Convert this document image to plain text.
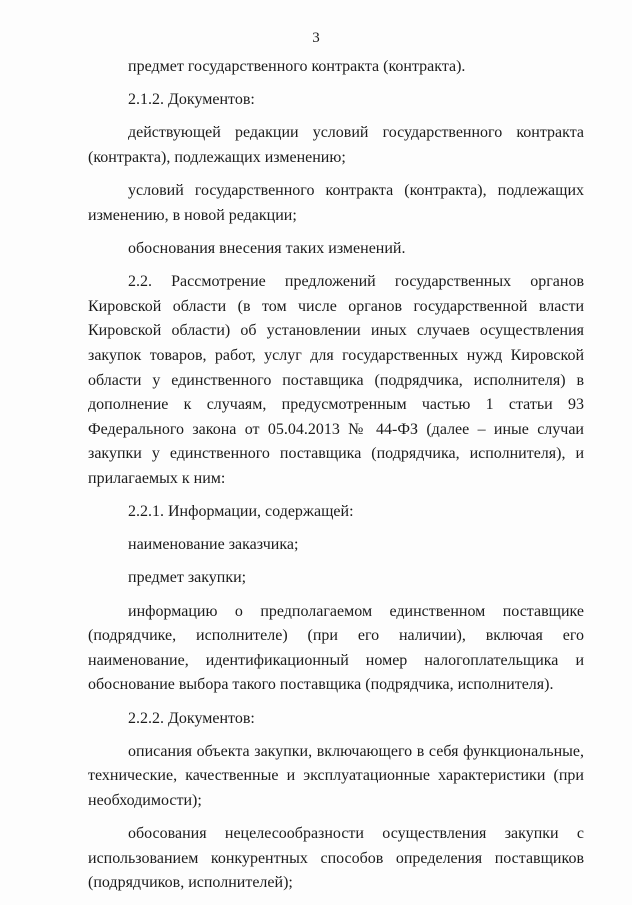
3

предмет государственного контракта (контракта).

2.1.2. Документов:

действующей редакции условий государственного контракта (контракта), подлежащих изменению;

условий государственного контракта (контракта), подлежащих изменению, в новой редакции;

обоснования внесения таких изменений.

2.2. Рассмотрение предложений государственных органов Кировской области (в том числе органов государственной власти Кировской области) об установлении иных случаев осуществления закупок товаров, работ, услуг для государственных нужд Кировской области у единственного поставщика (подрядчика, исполнителя) в дополнение к случаям, предусмотренным частью 1 статьи 93 Федерального закона от 05.04.2013 № 44-ФЗ (далее – иные случаи закупки у единственного поставщика (подрядчика, исполнителя), и прилагаемых к ним:

2.2.1. Информации, содержащей:

наименование заказчика;

предмет закупки;

информацию о предполагаемом единственном поставщике (подрядчике, исполнителе) (при его наличии), включая его наименование, идентификационный номер налогоплательщика и обоснование выбора такого поставщика (подрядчика, исполнителя).

2.2.2. Документов:

описания объекта закупки, включающего в себя функциональные, технические, качественные и эксплуатационные характеристики (при необходимости);

обосования нецелесообразности осуществления закупки с использованием конкурентных способов определения поставщиков (подрядчиков, исполнителей);
